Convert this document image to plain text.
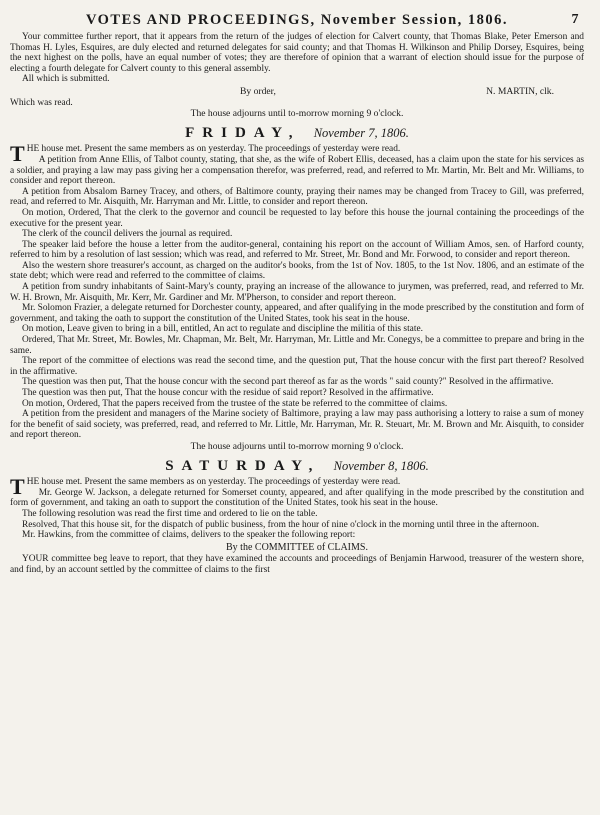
VOTES AND PROCEEDINGS, November Session, 1806.	7

Your committee further report, that it appears from the return of the judges of election for Calvert county, that Thomas Blake, Peter Emerson and Thomas H. Lyles, Esquires, are duly elected and returned delegates for said county; and that Thomas H. Wilkinson and Philip Dorsey, Esquires, being the next highest on the polls, have an equal number of votes; they are therefore of opinion that a warrant of election should issue for the purpose of electing a fourth delegate for Calvert county to this general assembly.

All which is submitted.

By order,	N. MARTIN, clk.

Which was read.

The house adjourns until to-morrow morning 9 o'clock.
FRIDAY, November 7, 1806.

THE house met. Present the same members as on yesterday. The proceedings of yesterday were read.

A petition from Anne Ellis, of Talbot county, stating, that she, as the wife of Robert Ellis, deceased, has a claim upon the state for his services as a soldier, and praying a law may pass giving her a compensation therefor, was preferred, read, and referred to Mr. Martin, Mr. Belt and Mr. Williams, to consider and report thereon.

A petition from Absalom Barney Tracey, and others, of Baltimore county, praying their names may be changed from Tracey to Gill, was preferred, read, and referred to Mr. Aisquith, Mr. Harryman and Mr. Little, to consider and report thereon.

On motion, Ordered, That the clerk to the governor and council be requested to lay before this house the journal containing the proceedings of the executive for the present year.

The clerk of the council delivers the journal as required.

The speaker laid before the house a letter from the auditor-general, containing his report on the account of William Amos, sen. of Harford county, referred to him by a resolution of last session; which was read, and referred to Mr. Street, Mr. Bond and Mr. Forwood, to consider and report thereon.

Also the western shore treasurer's account, as charged on the auditor's books, from the 1st of Nov. 1805, to the 1st Nov. 1806, and an estimate of the state debt; which were read and referred to the committee of claims.

A petition from sundry inhabitants of Saint-Mary's county, praying an increase of the allowance to jurymen, was preferred, read, and referred to Mr. W. H. Brown, Mr. Aisquith, Mr. Kerr, Mr. Gardiner and Mr. M'Pherson, to consider and report thereon.

Mr. Solomon Frazier, a delegate returned for Dorchester county, appeared, and after qualifying in the mode prescribed by the constitution and form of government, and taking the oath to support the constitution of the United States, took his seat in the house.

On motion, Leave given to bring in a bill, entitled, An act to regulate and discipline the militia of this state.

Ordered, That Mr. Street, Mr. Bowles, Mr. Chapman, Mr. Belt, Mr. Harryman, Mr. Little and Mr. Conegys, be a committee to prepare and bring in the same.

The report of the committee of elections was read the second time, and the question put, That the house concur with the first part thereof? Resolved in the affirmative.

The question was then put, That the house concur with the second part thereof as far as the words " said county?" Resolved in the affirmative.

The question was then put, That the house concur with the residue of said report? Resolved in the affirmative.

On motion, Ordered, That the papers received from the trustee of the state be referred to the committee of claims.

A petition from the president and managers of the Marine society of Baltimore, praying a law may pass authorising a lottery to raise a sum of money for the benefit of said society, was preferred, read, and referred to Mr. Little, Mr. Harryman, Mr. R. Steuart, Mr. M. Brown and Mr. Aisquith, to consider and report thereon.

The house adjourns until to-morrow morning 9 o'clock.
SATURDAY, November 8, 1806.

THE house met. Present the same members as on yesterday. The proceedings of yesterday were read.

Mr. George W. Jackson, a delegate returned for Somerset county, appeared, and after qualifying in the mode prescribed by the constitution and form of government, and taking an oath to support the constitution of the United States, took his seat in the house.

The following resolution was read the first time and ordered to lie on the table.

Resolved, That this house sit, for the dispatch of public business, from the hour of nine o'clock in the morning until three in the afternoon.

Mr. Hawkins, from the committee of claims, delivers to the speaker the following report:

By the COMMITTEE of CLAIMS.

YOUR committee beg leave to report, that they have examined the accounts and proceedings of Benjamin Harwood, treasurer of the western shore, and find, by an account settled by the committee of claims to the first
